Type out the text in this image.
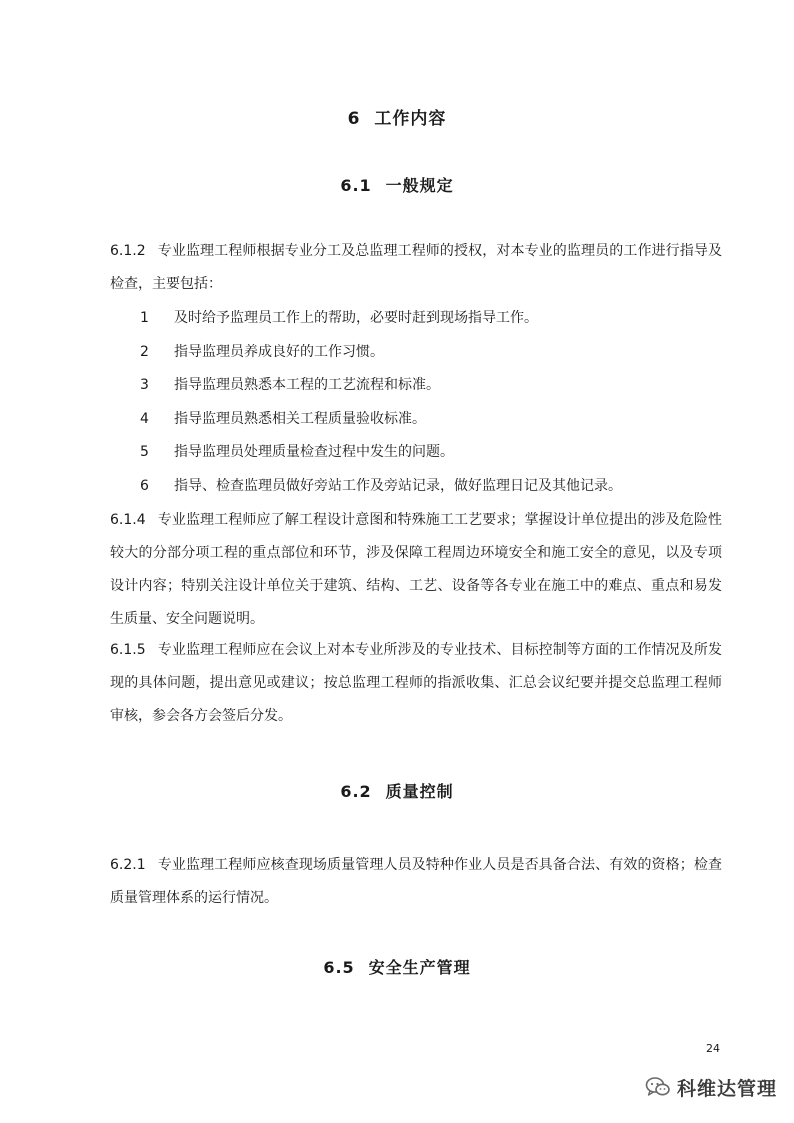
6 工作内容
6.1 一般规定
6.1.2 专业监理工程师根据专业分工及总监理工程师的授权，对本专业的监理员的工作进行指导及检查，主要包括：
1 及时给予监理员工作上的帮助，必要时赶到现场指导工作。
2 指导监理员养成良好的工作习惯。
3 指导监理员熟悉本工程的工艺流程和标准。
4 指导监理员熟悉相关工程质量验收标准。
5 指导监理员处理质量检查过程中发生的问题。
6 指导、检查监理员做好旁站工作及旁站记录，做好监理日记及其他记录。
6.1.4 专业监理工程师应了解工程设计意图和特殊施工工艺要求；掌握设计单位提出的涉及危险性较大的分部分项工程的重点部位和环节，涉及保障工程周边环境安全和施工安全的意见，以及专项设计内容；特别关注设计单位关于建筑、结构、工艺、设备等各专业在施工中的难点、重点和易发生质量、安全问题说明。
6.1.5 专业监理工程师应在会议上对本专业所涉及的专业技术、目标控制等方面的工作情况及所发现的具体问题，提出意见或建议；按总监理工程师的指派收集、汇总会议纪要并提交总监理工程师审核，参会各方会签后分发。
6.2 质量控制
6.2.1 专业监理工程师应核查现场质量管理人员及特种作业人员是否具备合法、有效的资格；检查质量管理体系的运行情况。
6.5 安全生产管理
24
科维达管理
